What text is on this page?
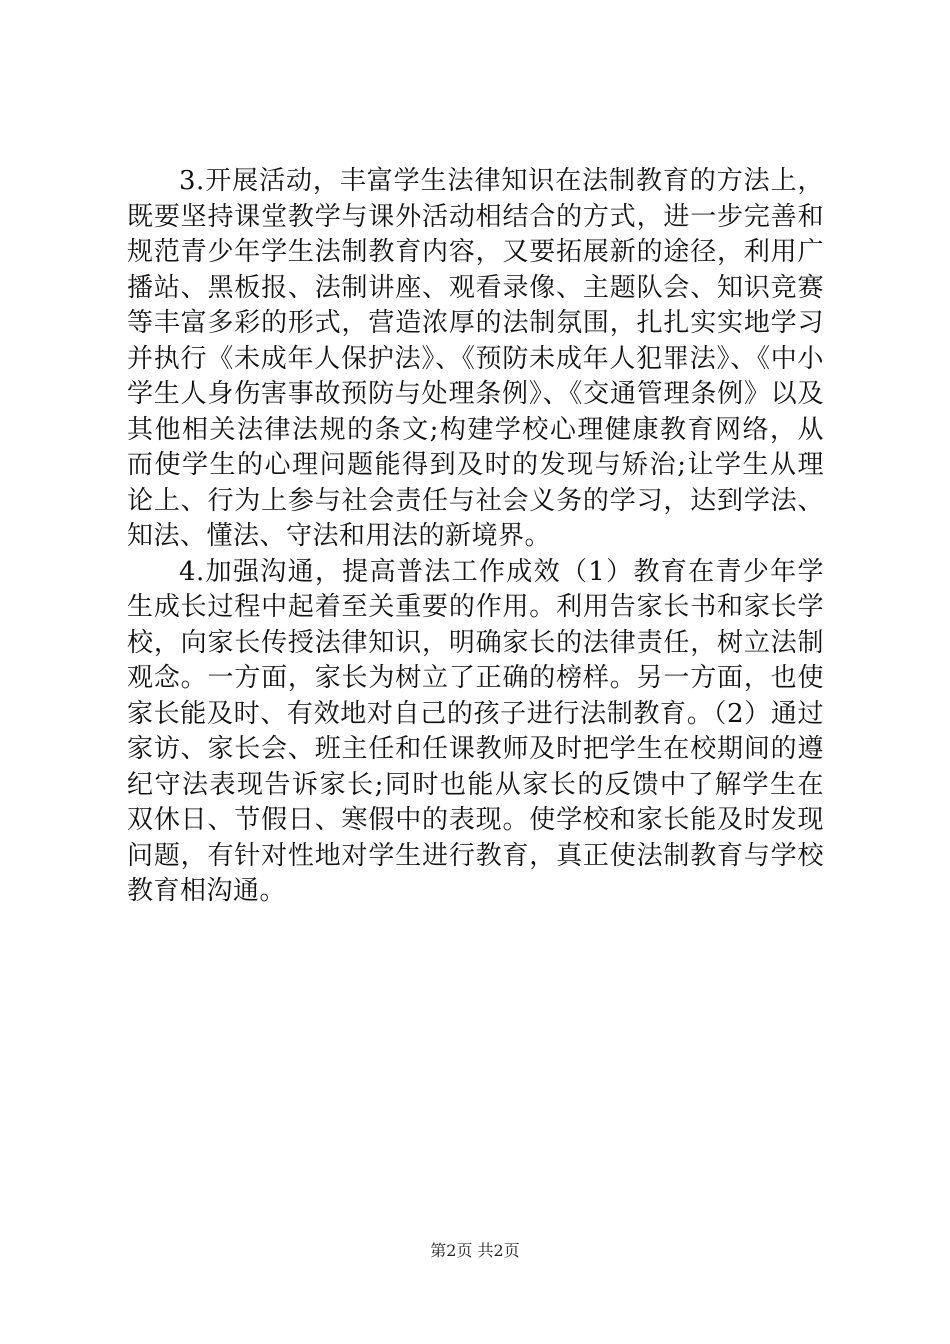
3.开展活动，丰富学生法律知识在法制教育的方法上，既要坚持课堂教学与课外活动相结合的方式，进一步完善和规范青少年学生法制教育内容，又要拓展新的途径，利用广播站、黑板报、法制讲座、观看录像、主题队会、知识竞赛等丰富多彩的形式，营造浓厚的法制氛围，扎扎实实地学习并执行《未成年人保护法》、《预防未成年人犯罪法》、《中小学生人身伤害事故预防与处理条例》、《交通管理条例》以及其他相关法律法规的条文;构建学校心理健康教育网络，从而使学生的心理问题能得到及时的发现与矫治;让学生从理论上、行为上参与社会责任与社会义务的学习，达到学法、知法、懂法、守法和用法的新境界。

4.加强沟通，提高普法工作成效（1）教育在青少年学生成长过程中起着至关重要的作用。利用告家长书和家长学校，向家长传授法律知识，明确家长的法律责任，树立法制观念。一方面，家长为树立了正确的榜样。另一方面，也使家长能及时、有效地对自己的孩子进行法制教育。（2）通过家访、家长会、班主任和任课教师及时把学生在校期间的遵纪守法表现告诉家长;同时也能从家长的反馈中了解学生在双休日、节假日、寒假中的表现。使学校和家长能及时发现问题，有针对性地对学生进行教育，真正使法制教育与学校教育相沟通。

第2页 共2页
